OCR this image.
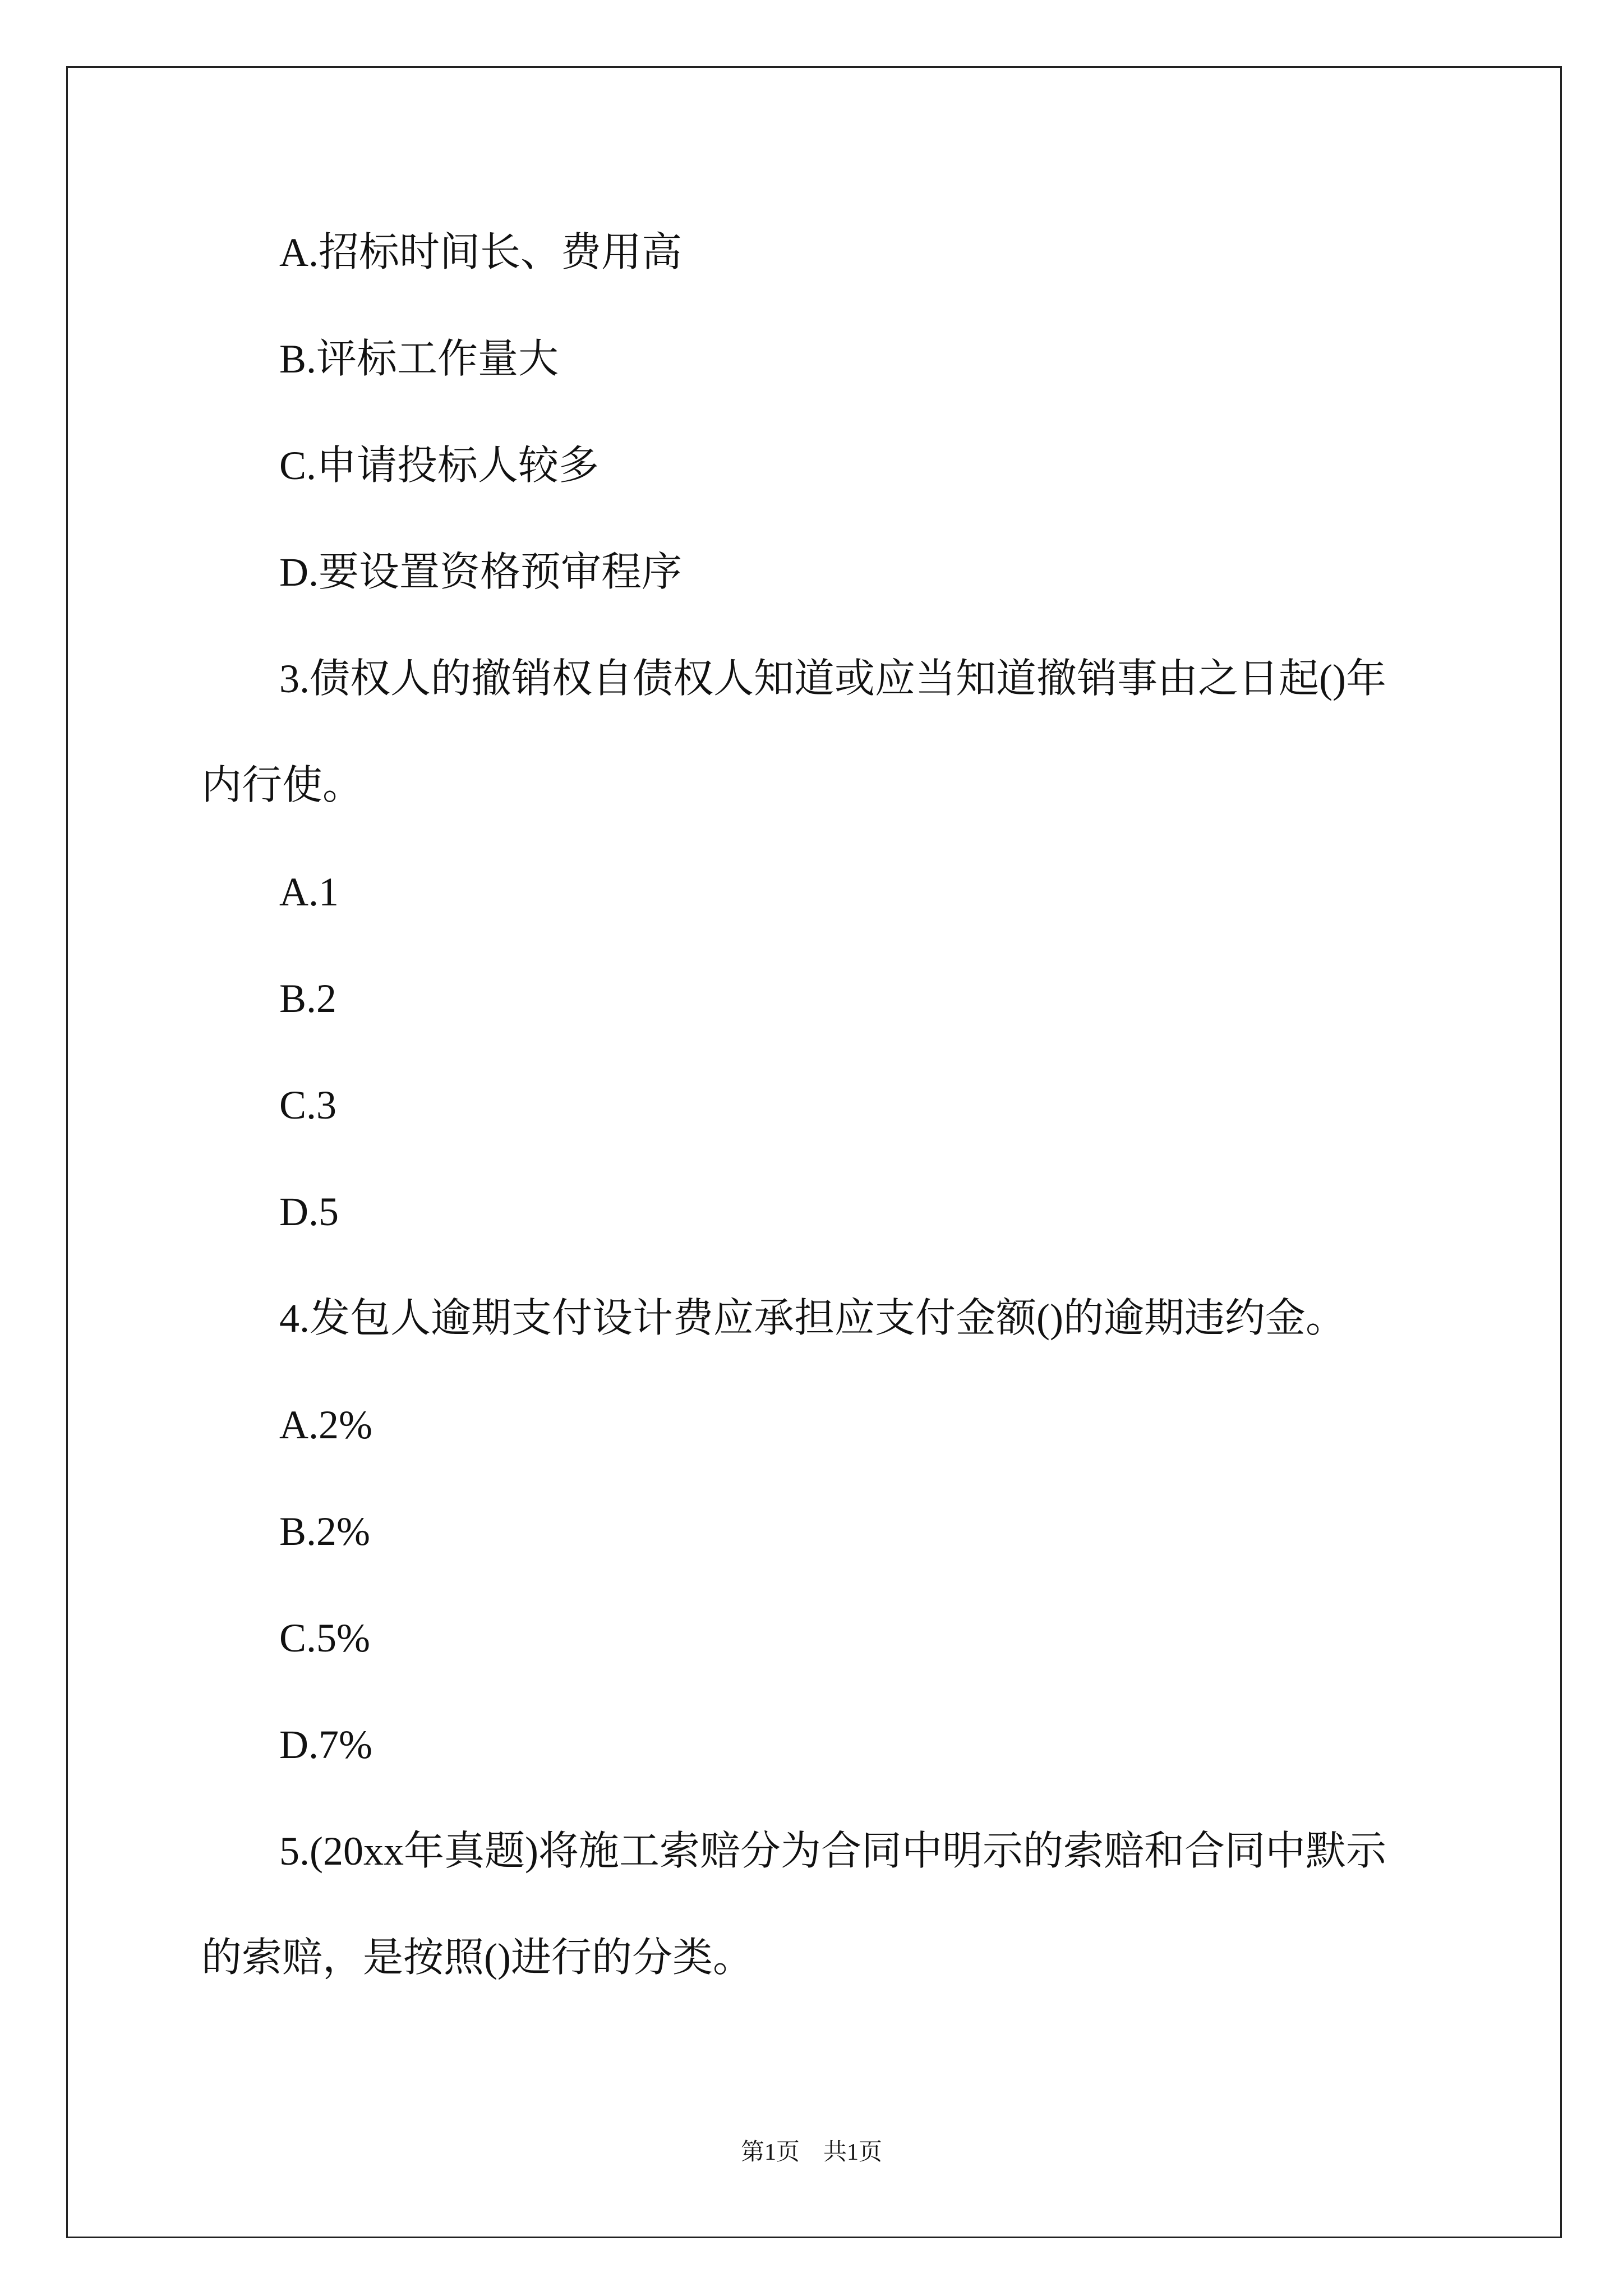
A.招标时间长、费用高
B.评标工作量大
C.申请投标人较多
D.要设置资格预审程序
3.债权人的撤销权自债权人知道或应当知道撤销事由之日起()年
内行使。
A.1
B.2
C.3
D.5
4.发包人逾期支付设计费应承担应支付金额()的逾期违约金。
A.2%
B.2%
C.5%
D.7%
5.(20xx年真题)将施工索赔分为合同中明示的索赔和合同中默示
的索赔，是按照()进行的分类。
第1页　共1页
